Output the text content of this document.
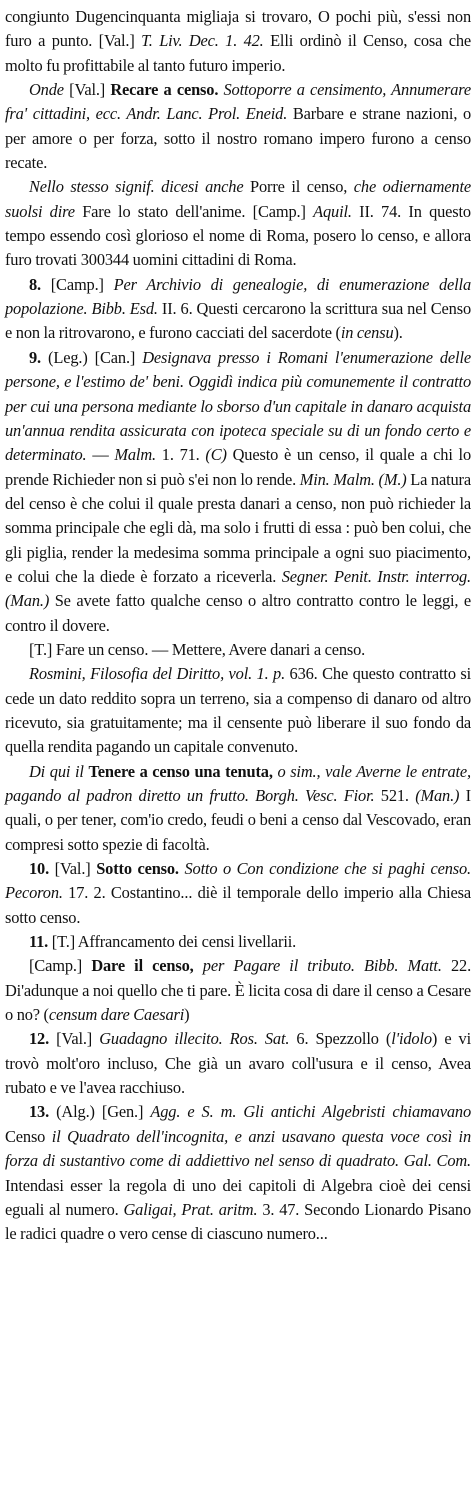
congiunto Dugencinquanta migliaja si trovaro, O pochi più, s'essi non furo a punto. [Val.] T. Liv. Dec. 1. 42. Elli ordinò il Censo, cosa che molto fu profittabile al tanto futuro imperio.

Onde [Val.] Recare a censo. Sottoporre a censimento, Annumerare fra' cittadini, ecc. Andr. Lanc. Prol. Eneid. Barbare e strane nazioni, o per amore o per forza, sotto il nostro romano impero furono a censo recate.

Nello stesso signif. dicesi anche Porre il censo, che odiernamente suolsi dire Fare lo stato dell'anime. [Camp.] Aquil. II. 74. In questo tempo essendo così glorioso el nome di Roma, posero lo censo, e allora furo trovati 300344 uomini cittadini di Roma.

8. [Camp.] Per Archivio di genealogie, di enumerazione della popolazione. Bibb. Esd. II. 6. Questi cercarono la scrittura sua nel Censo e non la ritrovarono, e furono cacciati del sacerdote (in censu).

9. (Leg.) [Can.] Designava presso i Romani l'enumerazione delle persone, e l'estimo de' beni. Oggidì indica più comunemente il contratto per cui una persona mediante lo sborso d'un capitale in danaro acquista un'annua rendita assicurata con ipoteca speciale su di un fondo certo e determinato. — Malm. 1. 71. (C) Questo è un censo, il quale a chi lo prende Richieder non si può s'ei non lo rende. Min. Malm. (M.) La natura del censo è che colui il quale presta danari a censo, non può richieder la somma principale che egli dà, ma solo i frutti di essa : può ben colui, che gli piglia, render la medesima somma principale a ogni suo piacimento, e colui che la diede è forzato a riceverla. Segner. Penit. Instr. interrog. (Man.) Se avete fatto qualche censo o altro contratto contro le leggi, e contro il dovere.

[T.] Fare un censo. — Mettere, Avere danari a censo.

Rosmini, Filosofia del Diritto, vol. 1. p. 636. Che questo contratto si cede un dato reddito sopra un terreno, sia a compenso di danaro od altro ricevuto, sia gratuitamente; ma il censente può liberare il suo fondo da quella rendita pagando un capitale convenuto.

Di qui il Tenere a censo una tenuta, o sim., vale Averne le entrate, pagando al padron diretto un frutto. Borgh. Vesc. Fior. 521. (Man.) I quali, o per tener, com'io credo, feudi o beni a censo dal Vescovado, eran compresi sotto spezie di facoltà.

10. [Val.] Sotto censo. Sotto o Con condizione che si paghi censo. Pecoron. 17. 2. Costantino... diè il temporale dello imperio alla Chiesa sotto censo.

11. [T.] Affrancamento dei censi livellarii.

[Camp.] Dare il censo, per Pagare il tributo. Bibb. Matt. 22. Di'adunque a noi quello che ti pare. È licita cosa di dare il censo a Cesare o no? (censum dare Caesari)

12. [Val.] Guadagno illecito. Ros. Sat. 6. Spezzollo (l'idolo) e vi trovò molt'oro incluso, Che già un avaro coll'usura e il censo, Avea rubato e ve l'avea racchiuso.

13. (Alg.) [Gen.] Agg. e S. m. Gli antichi Algebristi chiamavano Censo il Quadrato dell'incognita, e anzi usavano questa voce così in forza di sustantivo come di addiettivo nel senso di quadrato. Gal. Com. Intendasi esser la regola di uno dei capitoli di Algebra cioè dei censi eguali al numero. Galigai, Prat. aritm. 3. 47. Secondo Lionardo Pisano le radici quadre o vero cense di ciascuno numero...
